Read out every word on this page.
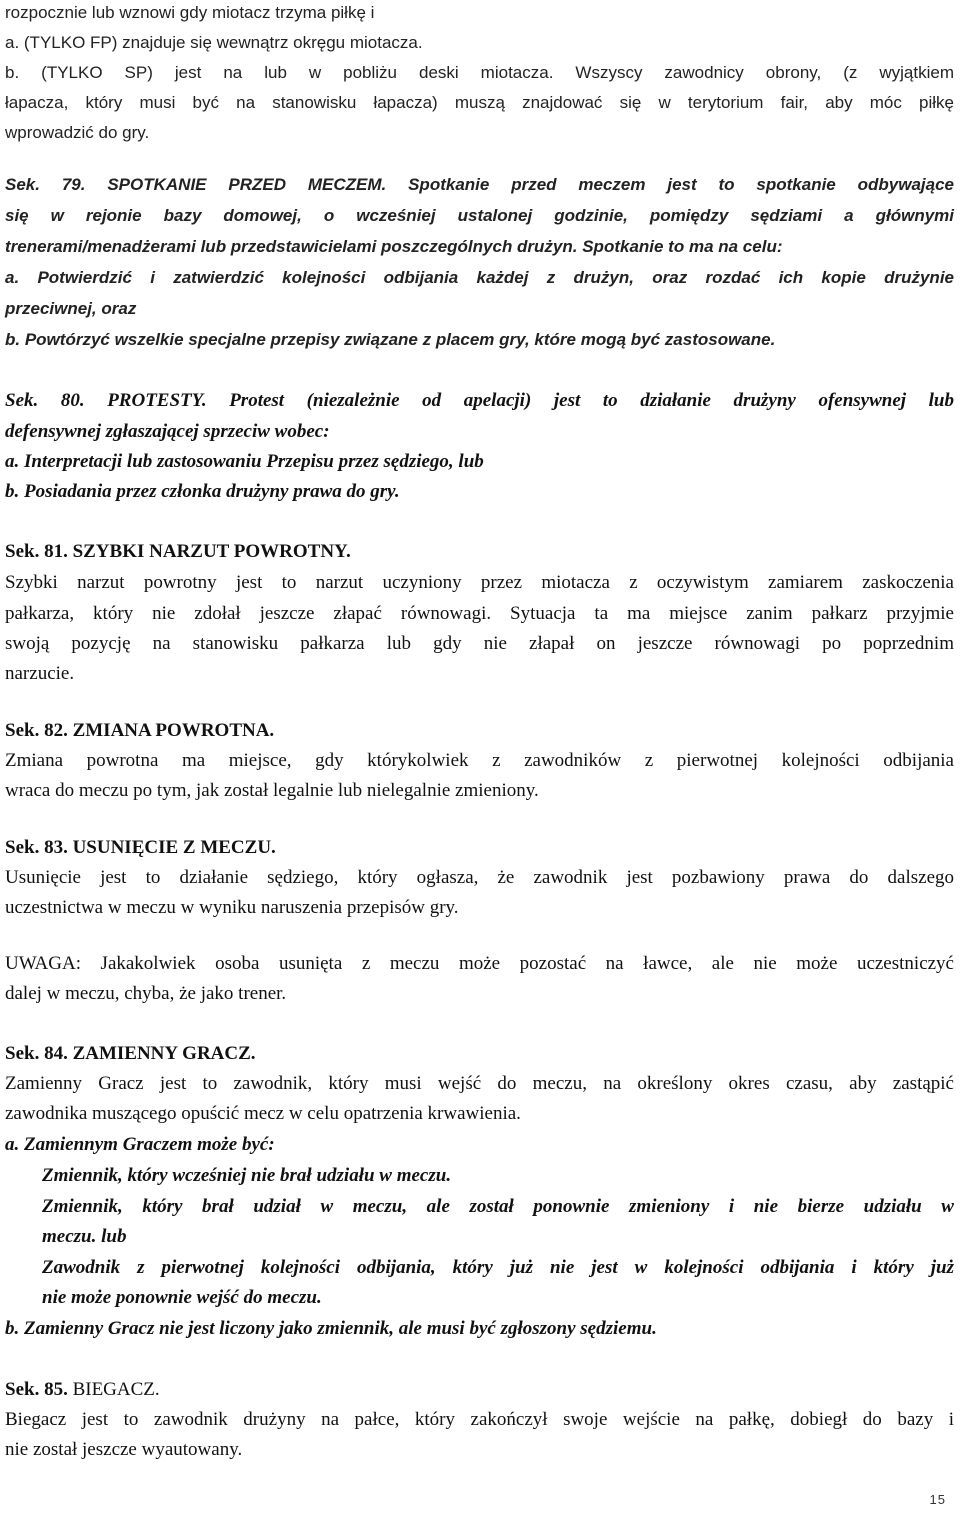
rozpocznie lub wznowi gdy miotacz trzyma piłkę i
a. (TYLKO FP) znajduje się wewnątrz okręgu miotacza.
b. (TYLKO SP) jest na lub w pobliżu deski miotacza. Wszyscy zawodnicy obrony, (z wyjątkiem
łapacza, który musi być na stanowisku łapacza) muszą znajdować się w terytorium fair, aby móc piłkę
wprowadzić do gry.
Sek. 79. SPOTKANIE PRZED MECZEM. Spotkanie przed meczem jest to spotkanie odbywające
się w rejonie bazy domowej, o wcześniej ustalonej godzinie, pomiędzy sędziami a głównymi
trenerami/menadżerami lub przedstawicielami poszczególnych drużyn. Spotkanie to ma na celu:
a. Potwierdzić i zatwierdzić kolejności odbijania każdej z drużyn, oraz rozdać ich kopie drużynie
przeciwnej, oraz
b. Powtórzyć wszelkie specjalne przepisy związane z placem gry, które mogą być zastosowane.
Sek. 80. PROTESTY. Protest (niezależnie od apelacji) jest to działanie drużyny ofensywnej lub
defensywnej zgłaszającej sprzeciw wobec:
a. Interpretacji lub zastosowaniu Przepisu przez sędziego, lub
b. Posiadania przez członka drużyny prawa do gry.
Sek. 81. SZYBKI NARZUT POWROTNY.
Szybki narzut powrotny jest to narzut uczyniony przez miotacza z oczywistym zamiarem zaskoczenia
pałkarza, który nie zdołał jeszcze złapać równowagi. Sytuacja ta ma miejsce zanim pałkarz przyjmie
swoją pozycję na stanowisku pałkarza lub gdy nie złapał on jeszcze równowagi po poprzednim
narzucie.
Sek. 82. ZMIANA POWROTNA.
Zmiana powrotna ma miejsce, gdy którykolwiek z zawodników z pierwotnej kolejności odbijania
wraca do meczu po tym, jak został legalnie lub nielegalnie zmieniony.
Sek. 83. USUNIĘCIE Z MECZU.
Usunięcie jest to działanie sędziego, który ogłasza, że zawodnik jest pozbawiony prawa do dalszego
uczestnictwa w meczu w wyniku naruszenia przepisów gry.
UWAGA: Jakakolwiek osoba usunięta z meczu może pozostać na ławce, ale nie może uczestniczyć
dalej w meczu, chyba, że jako trener.
Sek. 84. ZAMIENNY GRACZ.
Zamienny Gracz jest to zawodnik, który musi wejść do meczu, na określony okres czasu, aby zastąpić
zawodnika muszącego opuścić mecz w celu opatrzenia krwawienia.
a. Zamiennym Graczem może być:
Zmiennik, który wcześniej nie brał udziału w meczu.
Zmiennik, który brał udział w meczu, ale został ponownie zmieniony i nie bierze udziału w
meczu. lub
Zawodnik z pierwotnej kolejności odbijania, który już nie jest w kolejności odbijania i który już
nie może ponownie wejść do meczu.
b. Zamienny Gracz nie jest liczony jako zmiennik, ale musi być zgłoszony sędziemu.
Sek. 85. BIEGACZ.
Biegacz jest to zawodnik drużyny na pałce, który zakończył swoje wejście na pałkę, dobiegł do bazy i
nie został jeszcze wyautowany.
15
